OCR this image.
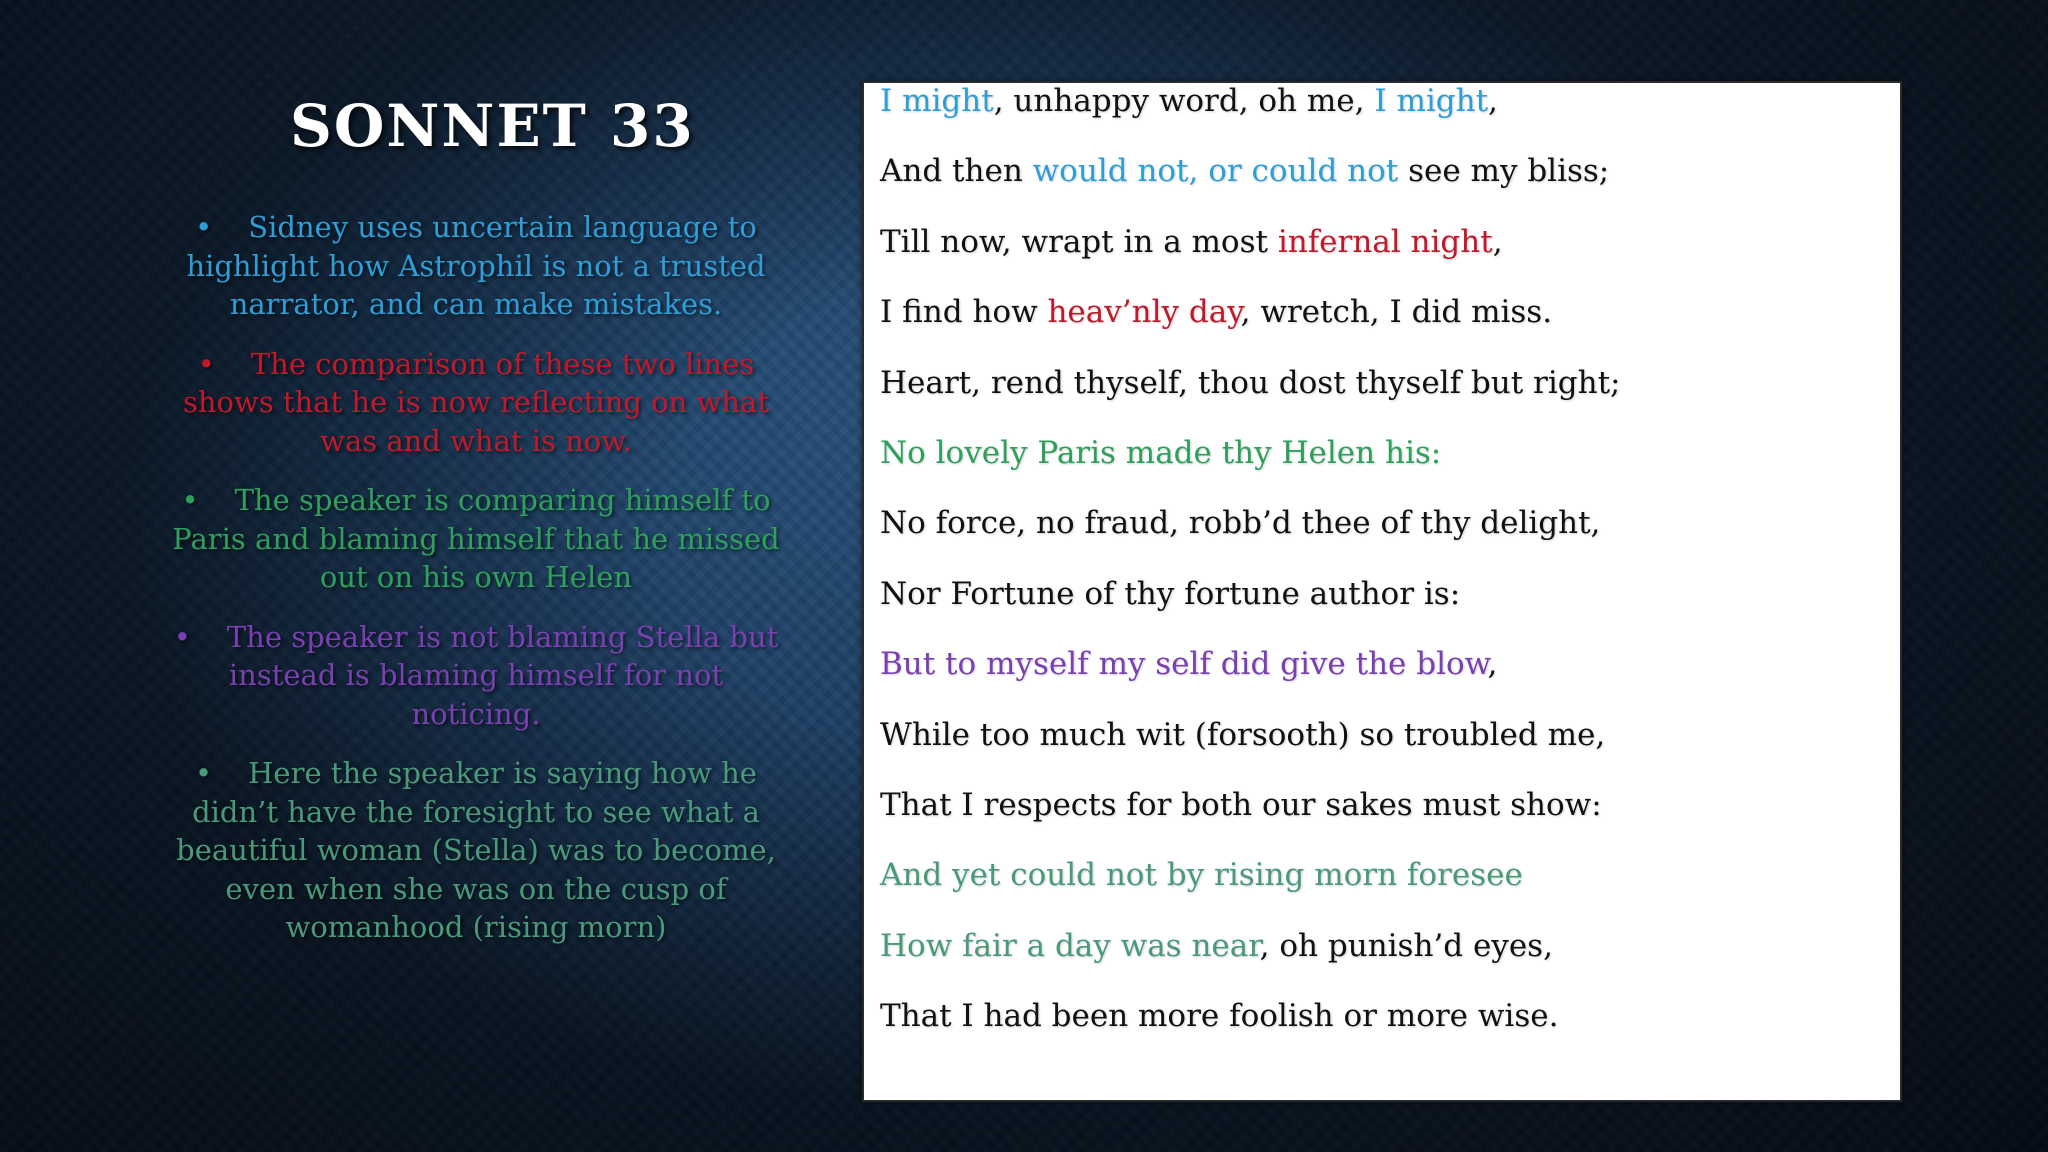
SONNET 33
• Sidney uses uncertain language to highlight how Astrophil is not a trusted narrator, and can make mistakes.
• The comparison of these two lines shows that he is now reflecting on what was and what is now.
• The speaker is comparing himself to Paris and blaming himself that he missed out on his own Helen
• The speaker is not blaming Stella but instead is blaming himself for not noticing.
• Here the speaker is saying how he didn’t have the foresight to see what a beautiful woman (Stella) was to become, even when she was on the cusp of womanhood (rising morn)
I might, unhappy word, oh me, I might,
And then would not, or could not see my bliss;
Till now, wrapt in a most infernal night,
I find how heav’nly day, wretch, I did miss.
Heart, rend thyself, thou dost thyself but right;
No lovely Paris made thy Helen his:
No force, no fraud, robb’d thee of thy delight,
Nor Fortune of thy fortune author is:
But to myself my self did give the blow,
While too much wit (forsooth) so troubled me,
That I respects for both our sakes must show:
And yet could not by rising morn foresee
How fair a day was near, oh punish’d eyes,
That I had been more foolish or more wise.
